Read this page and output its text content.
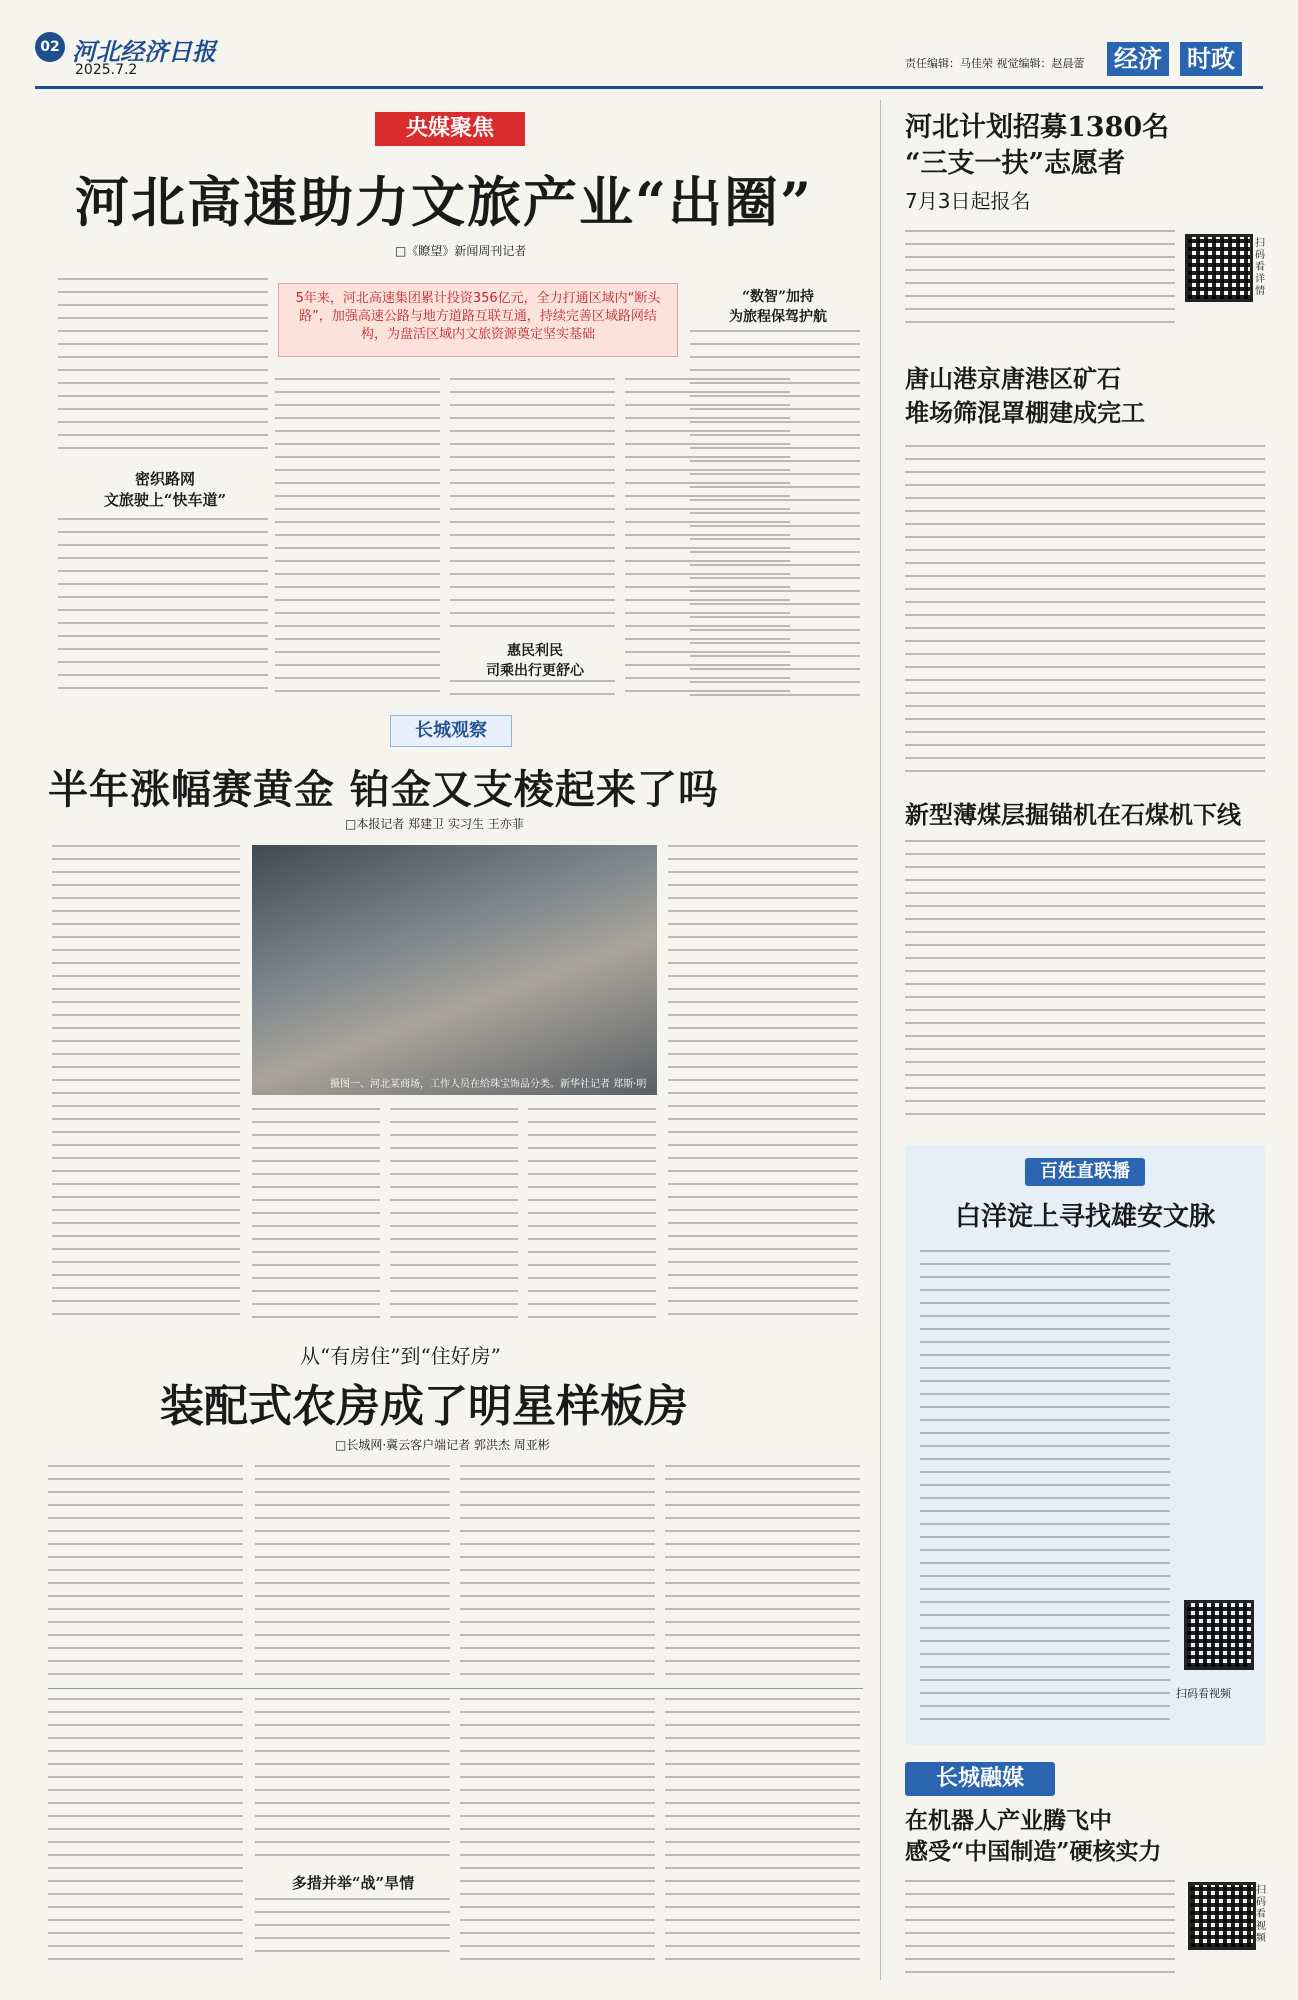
02 河北经济日报
2025.7.2	责任编辑：马佳荣 视觉编辑：赵晨蕾 经济 时政
央媒聚焦
河北高速助力文旅产业“出圈”
□《瞭望》新闻周刊记者
密织路网
文旅驶上“快车道”
5年来，河北高速集团累计投资356亿元，全力打通区域内“断头路”，加强高速公路与地方道路互联互通，持续完善区域路网结构，为盘活区域内文旅资源奠定坚实基础
惠民利民
司乘出行更舒心
“数智”加持
为旅程保驾护航
长城观察
半年涨幅赛黄金 铂金又支棱起来了吗
□本报记者 郑建卫 实习生 王亦菲
摄图一、河北某商场，工作人员在给珠宝饰品分类。新华社记者 郑斯·明
从“有房住”到“住好房”
装配式农房成了明星样板房
□长城网·冀云客户端记者 郭洪杰 周亚彬
多措并举“战”旱情
河北计划招募1380名
“三支一扶”志愿者
7月3日起报名
扫码看详情
唐山港京唐港区矿石
堆场筛混罩棚建成完工
新型薄煤层掘锚机在石煤机下线
百姓直联播
白洋淀上寻找雄安文脉
扫码看视频
长城融媒
在机器人产业腾飞中
感受“中国制造”硬核实力
扫码看视频
